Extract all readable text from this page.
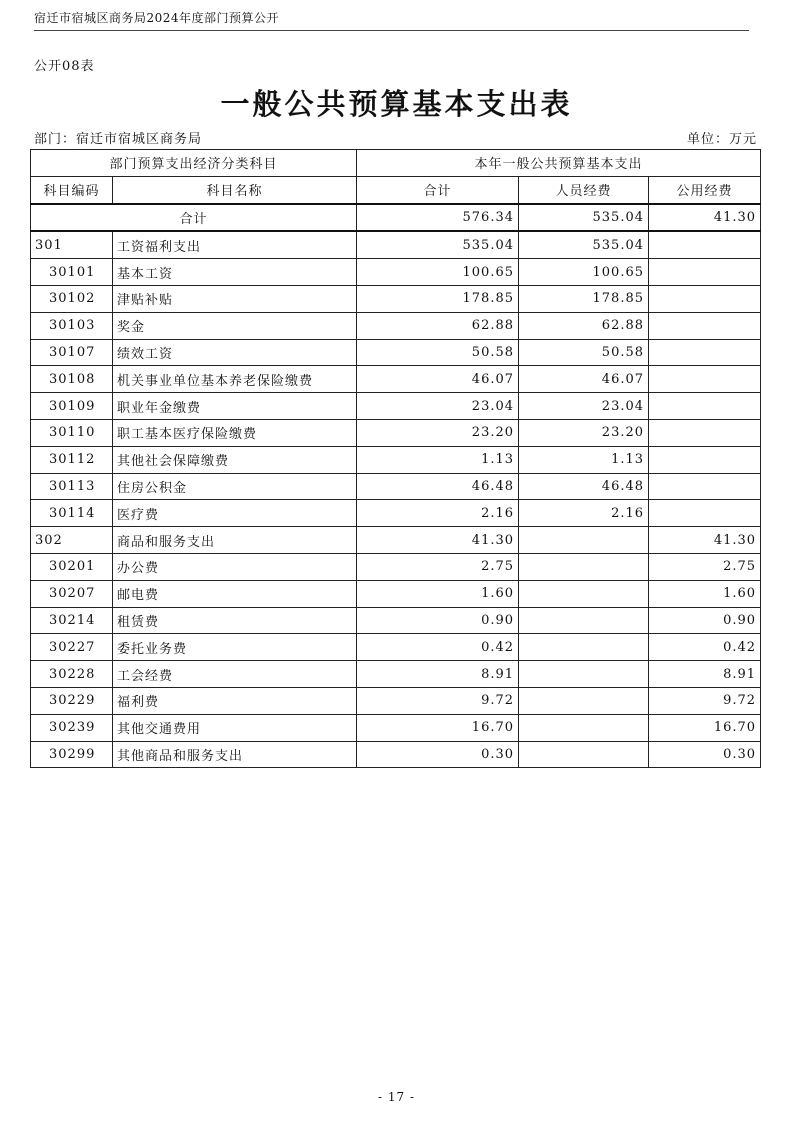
宿迁市宿城区商务局2024年度部门预算公开
公开08表
一般公共预算基本支出表
部门：宿迁市宿城区商务局	单位：万元
部门预算支出经济分类科目		本年一般公共预算基本支出		
科目编码	科目名称	合计	人员经费	公用经费
合计		576.34	535.04	41.30
301	工资福利支出	535.04	535.04	
30101	基本工资	100.65	100.65	
30102	津贴补贴	178.85	178.85	
30103	奖金	62.88	62.88	
30107	绩效工资	50.58	50.58	
30108	机关事业单位基本养老保险缴费	46.07	46.07	
30109	职业年金缴费	23.04	23.04	
30110	职工基本医疗保险缴费	23.20	23.20	
30112	其他社会保障缴费	1.13	1.13	
30113	住房公积金	46.48	46.48	
30114	医疗费	2.16	2.16	
302	商品和服务支出	41.30		41.30
30201	办公费	2.75		2.75
30207	邮电费	1.60		1.60
30214	租赁费	0.90		0.90
30227	委托业务费	0.42		0.42
30228	工会经费	8.91		8.91
30229	福利费	9.72		9.72
30239	其他交通费用	16.70		16.70
30299	其他商品和服务支出	0.30		0.30
- 17 -
